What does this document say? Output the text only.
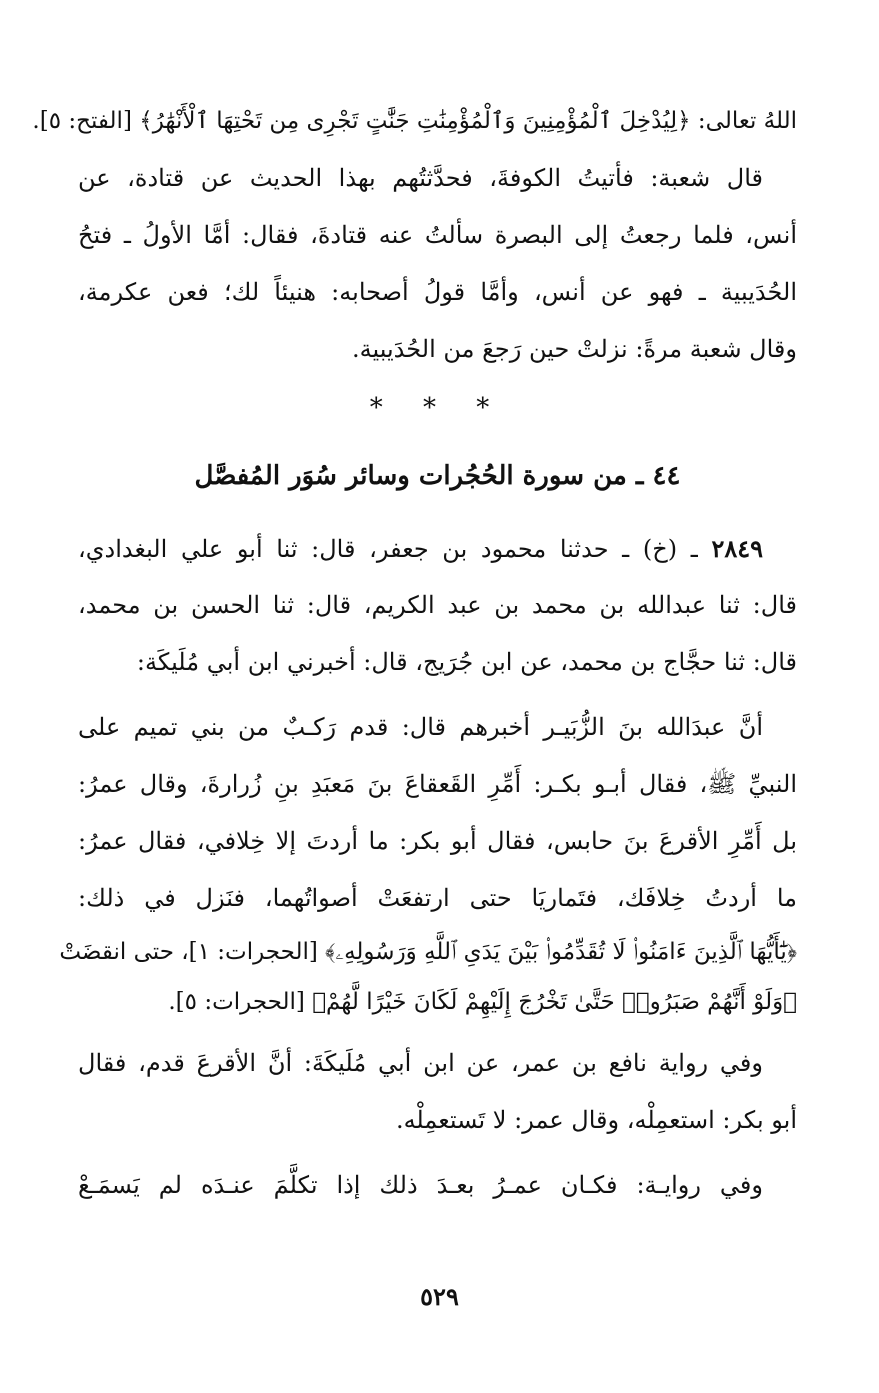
اللهُ تعالى: ﴿لِيُدْخِلَ ٱلْمُؤْمِنِينَ وَٱلْمُؤْمِنَٰتِ جَنَّٰتٍ تَجْرِى مِن تَحْتِهَا ٱلْأَنْهَٰرُ﴾ [الفتح: ٥].
قال شعبة: فأتيتُ الكوفةَ، فحدَّثتُهم بهذا الحديث عن قتادة، عن
أنس، فلما رجعتُ إلى البصرة سألتُ عنه قتادةَ، فقال: أمَّا الأولُ ـ فتحُ
الحُدَيبية ـ فهو عن أنس، وأمَّا قولُ أصحابه: هنيئاً لك؛ فعن عكرمة،
وقال شعبة مرةً: نزلتْ حين رَجعَ من الحُدَيبية.
* * *
٤٤ ـ من سورة الحُجُرات وسائر سُوَر المُفصَّل
٢٨٤٩ ـ (خ) ـ حدثنا محمود بن جعفر، قال: ثنا أبو علي البغدادي،
قال: ثنا عبدالله بن محمد بن عبد الكريم، قال: ثنا الحسن بن محمد،
قال: ثنا حجَّاج بن محمد، عن ابن جُرَيج، قال: أخبرني ابن أبي مُلَيكَة:
أنَّ عبدَالله بنَ الزُّبَيـر أخبرهم قال: قدم رَكـبٌ من بني تميم على
النبيِّ ﷺ، فقال أبـو بكـر: أَمِّرِ القَعقاعَ بنَ مَعبَدِ بنِ زُرارةَ، وقال عمرُ:
بل أَمِّرِ الأقرعَ بنَ حابس، فقال أبو بكر: ما أردتَ إلا خِلافي، فقال عمرُ:
ما أردتُ خِلافَك، فتَماريَا حتى ارتفعَتْ أصواتُهما، فنَزل في ذلك:
﴿يَٰٓأَيُّهَا ٱلَّذِينَ ءَامَنُوا۟ لَا تُقَدِّمُوا۟ بَيْنَ يَدَىِ ٱللَّهِ وَرَسُولِهِۦ﴾ [الحجرات: ١]، حتى انقضَتْ
﴿وَلَوْ أَنَّهُمْ صَبَرُوا۟ حَتَّىٰ تَخْرُجَ إِلَيْهِمْ لَكَانَ خَيْرًا لَّهُمْ﴾ [الحجرات: ٥].
وفي رواية نافع بن عمر، عن ابن أبي مُلَيكَةَ: أنَّ الأقرعَ قدم، فقال
أبو بكر: استعمِلْه، وقال عمر: لا تَستعمِلْه.
وفي روايـة: فكـان عمـرُ بعـدَ ذلك إذا تكلَّمَ عنـدَه لم يَسمَـعْ
٥٢٩
